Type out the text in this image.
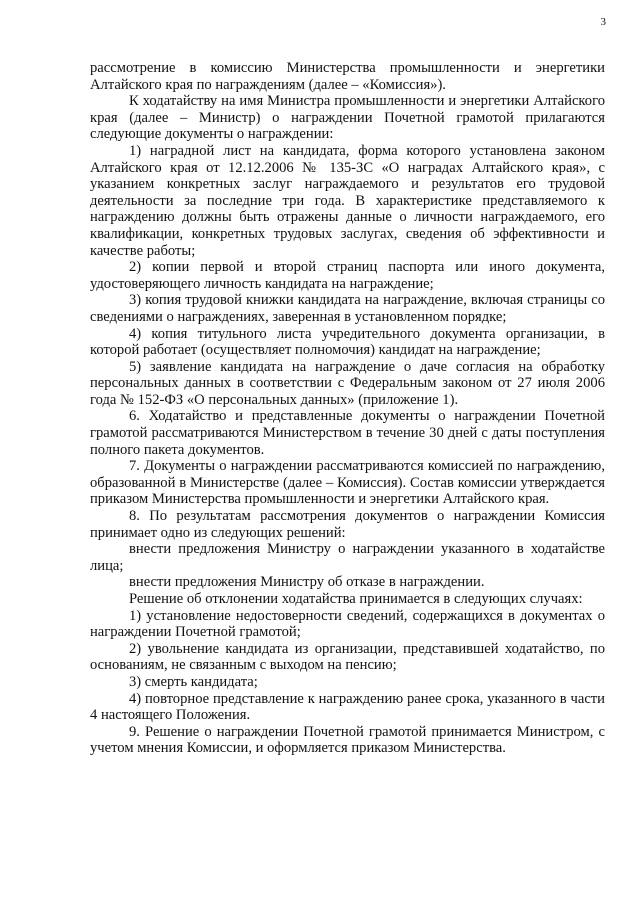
3

рассмотрение в комиссию Министерства промышленности и энергетики Алтайского края по награждениям (далее – «Комиссия»).

К ходатайству на имя Министра промышленности и энергетики Алтайского края (далее – Министр) о награждении Почетной грамотой прилагаются следующие документы о награждении:

1) наградной лист на кандидата, форма которого установлена законом Алтайского края от 12.12.2006 № 135-ЗС «О наградах Алтайского края», с указанием конкретных заслуг награждаемого и результатов его трудовой деятельности за последние три года. В характеристике представляемого к награждению должны быть отражены данные о личности награждаемого, его квалификации, конкретных трудовых заслугах, сведения об эффективности и качестве работы;

2) копии первой и второй страниц паспорта или иного документа, удостоверяющего личность кандидата на награждение;

3) копия трудовой книжки кандидата на награждение, включая страницы со сведениями о награждениях, заверенная в установленном порядке;

4) копия титульного листа учредительного документа организации, в которой работает (осуществляет полномочия) кандидат на награждение;

5) заявление кандидата на награждение о даче согласия на обработку персональных данных в соответствии с Федеральным законом от 27 июля 2006 года № 152-ФЗ «О персональных данных» (приложение 1).

6. Ходатайство и представленные документы о награждении Почетной грамотой рассматриваются Министерством в течение 30 дней с даты поступления полного пакета документов.

7. Документы о награждении рассматриваются комиссией по награждению, образованной в Министерстве (далее – Комиссия). Состав комиссии утверждается приказом Министерства промышленности и энергетики Алтайского края.

8. По результатам рассмотрения документов о награждении Комиссия принимает одно из следующих решений:

внести предложения Министру о награждении указанного в ходатайстве лица;

внести предложения Министру об отказе в награждении.

Решение об отклонении ходатайства принимается в следующих случаях:

1) установление недостоверности сведений, содержащихся в документах о награждении Почетной грамотой;

2) увольнение кандидата из организации, представившей ходатайство, по основаниям, не связанным с выходом на пенсию;

3) смерть кандидата;

4) повторное представление к награждению ранее срока, указанного в части 4 настоящего Положения.

9. Решение о награждении Почетной грамотой принимается Министром, с учетом мнения Комиссии, и оформляется приказом Министерства.
